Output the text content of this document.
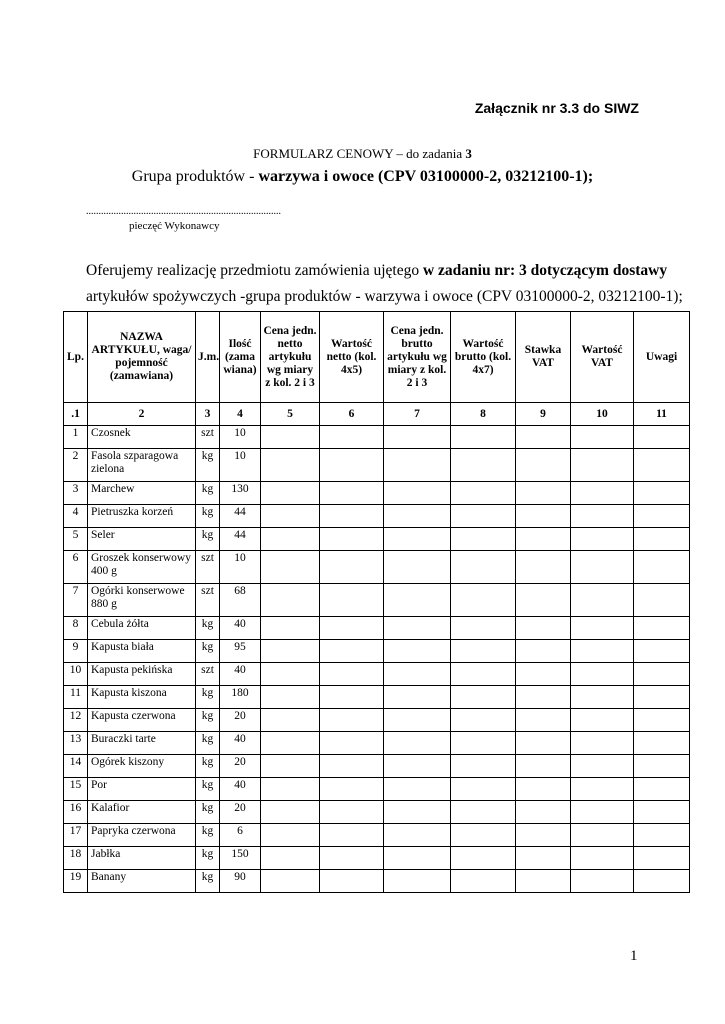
Załącznik nr 3.3 do SIWZ
FORMULARZ CENOWY – do zadania 3
Grupa produktów - warzywa i owoce (CPV 03100000-2, 03212100-1);
..............................................................................
pieczęć Wykonawcy
Oferujemy realizację przedmiotu zamówienia ujętego w zadaniu nr: 3 dotyczącym dostawy
artykułów spożywczych -grupa produktów - warzywa i owoce (CPV 03100000-2, 03212100-1);
Lp.	NAZWA ARTYKUŁU, waga/ pojemność (zamawiana)	J.m.	Ilość (zama wiana)	Cena jedn. netto artykułu wg miary z kol. 2 i 3	Wartość netto (kol. 4x5)	Cena jedn. brutto artykułu wg miary z kol. 2 i 3	Wartość brutto (kol. 4x7)	Stawka VAT	Wartość VAT	Uwagi
.1	2	3	4	5	6	7	8	9	10	11
1	Czosnek	szt	10							
2	Fasola szparagowa zielona	kg	10							
3	Marchew	kg	130							
4	Pietruszka korzeń	kg	44							
5	Seler	kg	44							
6	Groszek konserwowy 400 g	szt	10							
7	Ogórki konserwowe 880 g	szt	68							
8	Cebula żółta	kg	40							
9	Kapusta biała	kg	95							
10	Kapusta pekińska	szt	40							
11	Kapusta kiszona	kg	180							
12	Kapusta czerwona	kg	20							
13	Buraczki tarte	kg	40							
14	Ogórek kiszony	kg	20							
15	Por	kg	40							
16	Kalafior	kg	20							
17	Papryka czerwona	kg	6							
18	Jabłka	kg	150							
19	Banany	kg	90							
1
